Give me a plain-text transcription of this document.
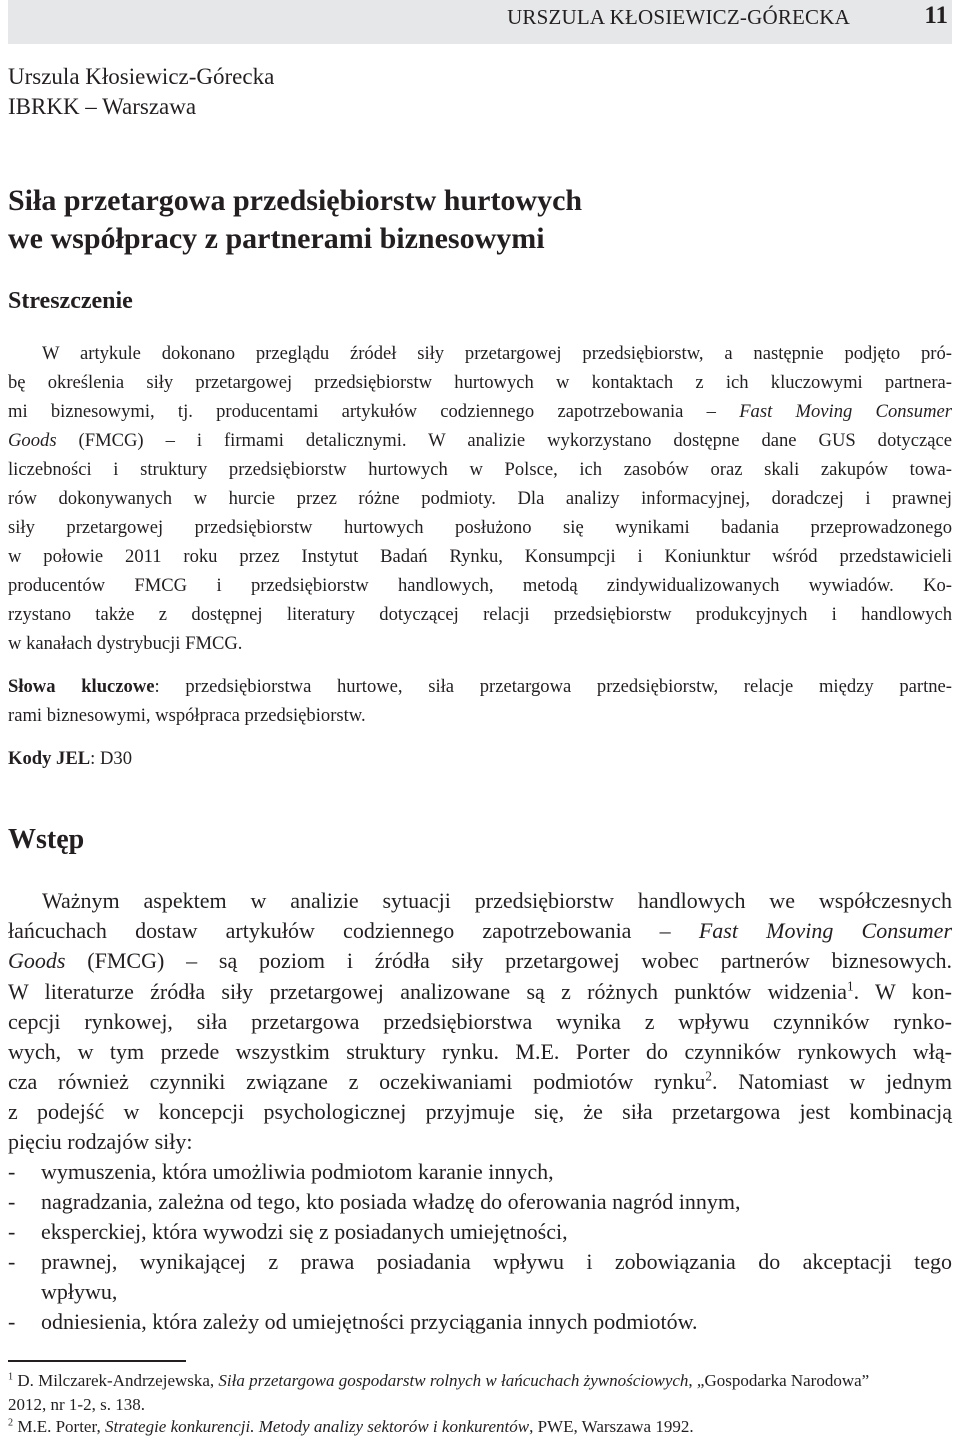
URSZULA KŁOSIEWICZ-GÓRECKA	11
Urszula Kłosiewicz-Górecka
IBRKK – Warszawa
Siła przetargowa przedsiębiorstw hurtowych
we współpracy z partnerami biznesowymi
Streszczenie
W artykule dokonano przeglądu źródeł siły przetargowej przedsiębiorstw, a następnie podjęto pró-
bę określenia siły przetargowej przedsiębiorstw hurtowych w kontaktach z ich kluczowymi partnera-
mi biznesowymi, tj. producentami artykułów codziennego zapotrzebowania – Fast Moving Consumer
Goods (FMCG) – i firmami detalicznymi. W analizie wykorzystano dostępne dane GUS dotyczące
liczebności i struktury przedsiębiorstw hurtowych w Polsce, ich zasobów oraz skali zakupów towa-
rów dokonywanych w hurcie przez różne podmioty. Dla analizy informacyjnej, doradczej i prawnej
siły przetargowej przedsiębiorstw hurtowych posłużono się wynikami badania przeprowadzonego
w połowie 2011 roku przez Instytut Badań Rynku, Konsumpcji i Koniunktur wśród przedstawicieli
producentów FMCG i przedsiębiorstw handlowych, metodą zindywidualizowanych wywiadów. Ko-
rzystano także z dostępnej literatury dotyczącej relacji przedsiębiorstw produkcyjnych i handlowych
w kanałach dystrybucji FMCG.
Słowa kluczowe: przedsiębiorstwa hurtowe, siła przetargowa przedsiębiorstw, relacje między partne-
rami biznesowymi, współpraca przedsiębiorstw.
Kody JEL: D30
Wstęp
Ważnym aspektem w analizie sytuacji przedsiębiorstw handlowych we współczesnych
łańcuchach dostaw artykułów codziennego zapotrzebowania – Fast Moving Consumer
Goods (FMCG) – są poziom i źródła siły przetargowej wobec partnerów biznesowych.
W literaturze źródła siły przetargowej analizowane są z różnych punktów widzenia$^1$. W kon-
cepcji rynkowej, siła przetargowa przedsiębiorstwa wynika z wpływu czynników rynko-
wych, w tym przede wszystkim struktury rynku. M.E. Porter do czynników rynkowych włą-
cza również czynniki związane z oczekiwaniami podmiotów rynku$^2$. Natomiast w jednym
z podejść w koncepcji psychologicznej przyjmuje się, że siła przetargowa jest kombinacją
pięciu rodzajów siły:
- wymuszenia, która umożliwia podmiotom karanie innych,
- nagradzania, zależna od tego, kto posiada władzę do oferowania nagród innym,
- eksperckiej, która wywodzi się z posiadanych umiejętności,
- prawnej, wynikającej z prawa posiadania wpływu i zobowiązania do akceptacji tego
wpływu,
- odniesienia, która zależy od umiejętności przyciągania innych podmiotów.
$^1$ D. Milczarek-Andrzejewska, Siła przetargowa gospodarstw rolnych w łańcuchach żywnościowych, „Gospodarka Narodowa”
2012, nr 1-2, s. 138.
$^2$ M.E. Porter, Strategie konkurencji. Metody analizy sektorów i konkurentów, PWE, Warszawa 1992.
